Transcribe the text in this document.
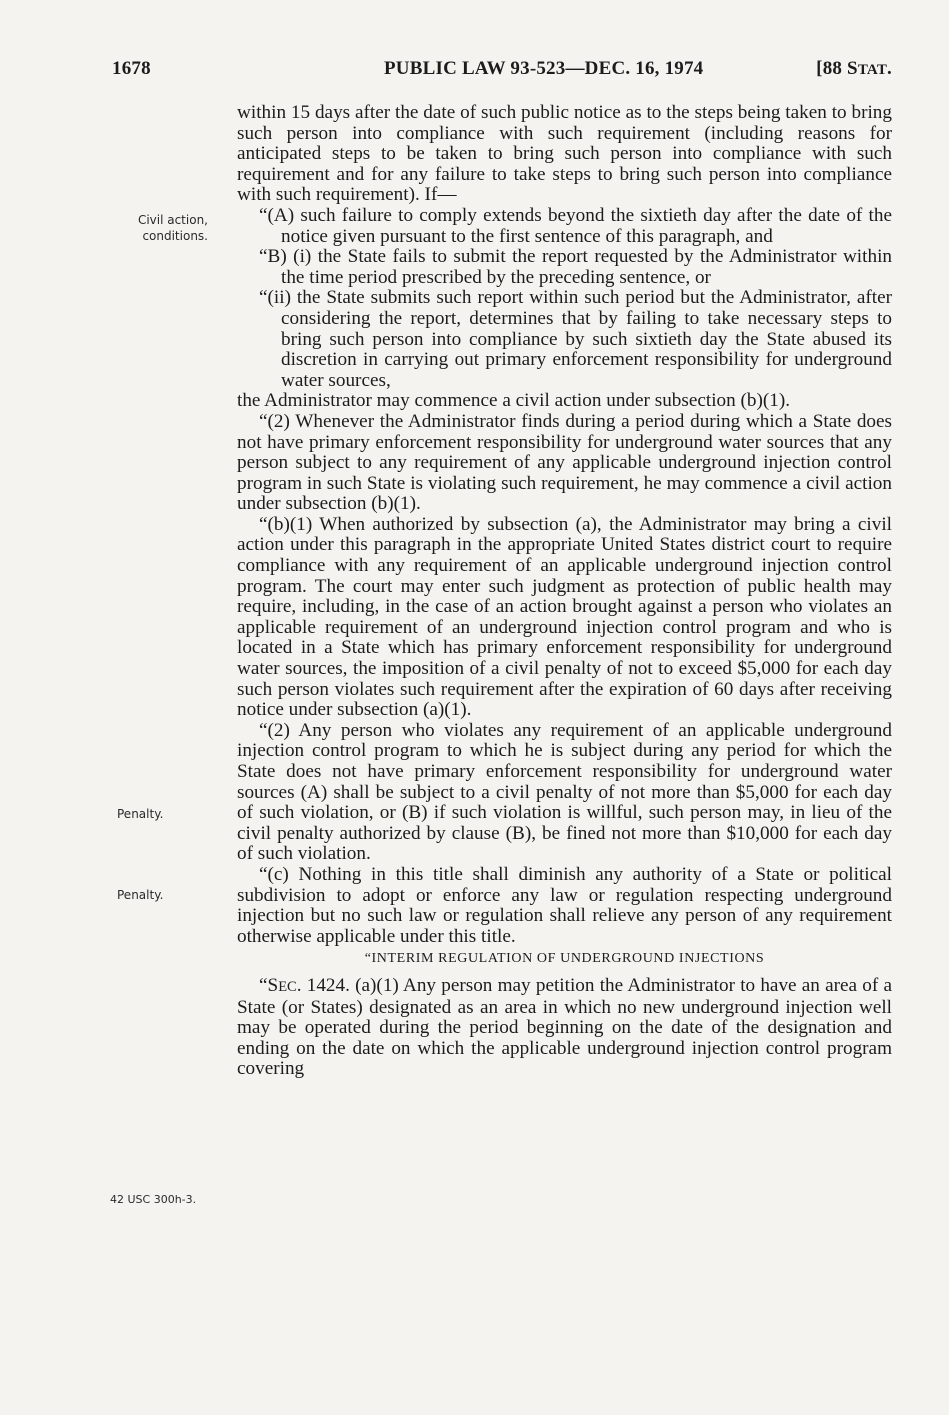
1678	PUBLIC LAW 93-523—DEC. 16, 1974	[88 STAT.
Civil action,
conditions.
Penalty.
Penalty.
42 USC 300h-3.

within 15 days after the date of such public notice as to the steps being taken to bring such person into compliance with such requirement (including reasons for anticipated steps to be taken to bring such person into compliance with such requirement and for any failure to take steps to bring such person into compliance with such requirement). If—

“(A) such failure to comply extends beyond the sixtieth day after the date of the notice given pursuant to the first sentence of this paragraph, and

“B) (i) the State fails to submit the report requested by the Administrator within the time period prescribed by the preceding sentence, or

“(ii) the State submits such report within such period but the Administrator, after considering the report, determines that by failing to take necessary steps to bring such person into compliance by such sixtieth day the State abused its discretion in carrying out primary enforcement responsibility for underground water sources,

the Administrator may commence a civil action under subsection (b)(1).

“(2) Whenever the Administrator finds during a period during which a State does not have primary enforcement responsibility for underground water sources that any person subject to any requirement of any applicable underground injection control program in such State is violating such requirement, he may commence a civil action under subsection (b)(1).

“(b)(1) When authorized by subsection (a), the Administrator may bring a civil action under this paragraph in the appropriate United States district court to require compliance with any requirement of an applicable underground injection control program. The court may enter such judgment as protection of public health may require, including, in the case of an action brought against a person who violates an applicable requirement of an underground injection control program and who is located in a State which has primary enforcement responsibility for underground water sources, the imposition of a civil penalty of not to exceed $5,000 for each day such person violates such requirement after the expiration of 60 days after receiving notice under subsection (a)(1).

“(2) Any person who violates any requirement of an applicable underground injection control program to which he is subject during any period for which the State does not have primary enforcement responsibility for underground water sources (A) shall be subject to a civil penalty of not more than $5,000 for each day of such violation, or (B) if such violation is willful, such person may, in lieu of the civil penalty authorized by clause (B), be fined not more than $10,000 for each day of such violation.

“(c) Nothing in this title shall diminish any authority of a State or political subdivision to adopt or enforce any law or regulation respecting underground injection but no such law or regulation shall relieve any person of any requirement otherwise applicable under this title.

“INTERIM REGULATION OF UNDERGROUND INJECTIONS

“SEC. 1424. (a)(1) Any person may petition the Administrator to have an area of a State (or States) designated as an area in which no new underground injection well may be operated during the period beginning on the date of the designation and ending on the date on which the applicable underground injection control program covering
